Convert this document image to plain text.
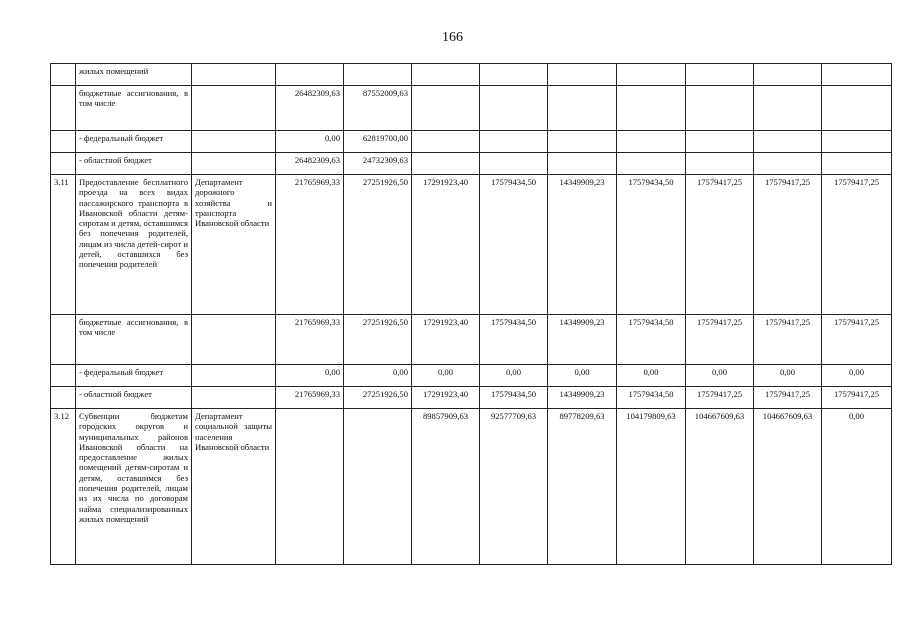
166
	жилых помещений										
	бюджетные ассигнования, в том числе		26482309,63	87552009,63							
	- федеральный бюджет		0,00	62819700,00							
	- областной бюджет		26482309,63	24732309,63							
3.11	Предоставление бесплатного проезда на всех видах пассажирского транспорта в Ивановской области детям-сиротам и детям, оставшимся без попечения родителей, лицам из числа детей-сирот и детей, оставшихся без попечения родителей	Департамент дорожного хозяйства и транспорта Ивановской области	21765969,33	27251926,50	17291923,40	17579434,50	14349909,23	17579434,50	17579417,25	17579417,25	17579417,25
	бюджетные ассигнования, в том числе		21765969,33	27251926,50	17291923,40	17579434,50	14349909,23	17579434,50	17579417,25	17579417,25	17579417,25
	- федеральный бюджет		0,00	0,00	0,00	0,00	0,00	0,00	0,00	0,00	0,00
	- областной бюджет		21765969,33	27251926,50	17291923,40	17579434,50	14349909,23	17579434,50	17579417,25	17579417,25	17579417,25
3.12	Субвенции бюджетам городских округов и муниципальных районов Ивановской области на предоставление жилых помещений детям-сиротам и детям, оставшимся без попечения родителей, лицам из их числа по договорам найма специализированных жилых помещений	Департамент социальной защиты населения Ивановской области			89857909,63	92577709,63	89778209,63	104179809,63	104667609,63	104667609,63	0,00
